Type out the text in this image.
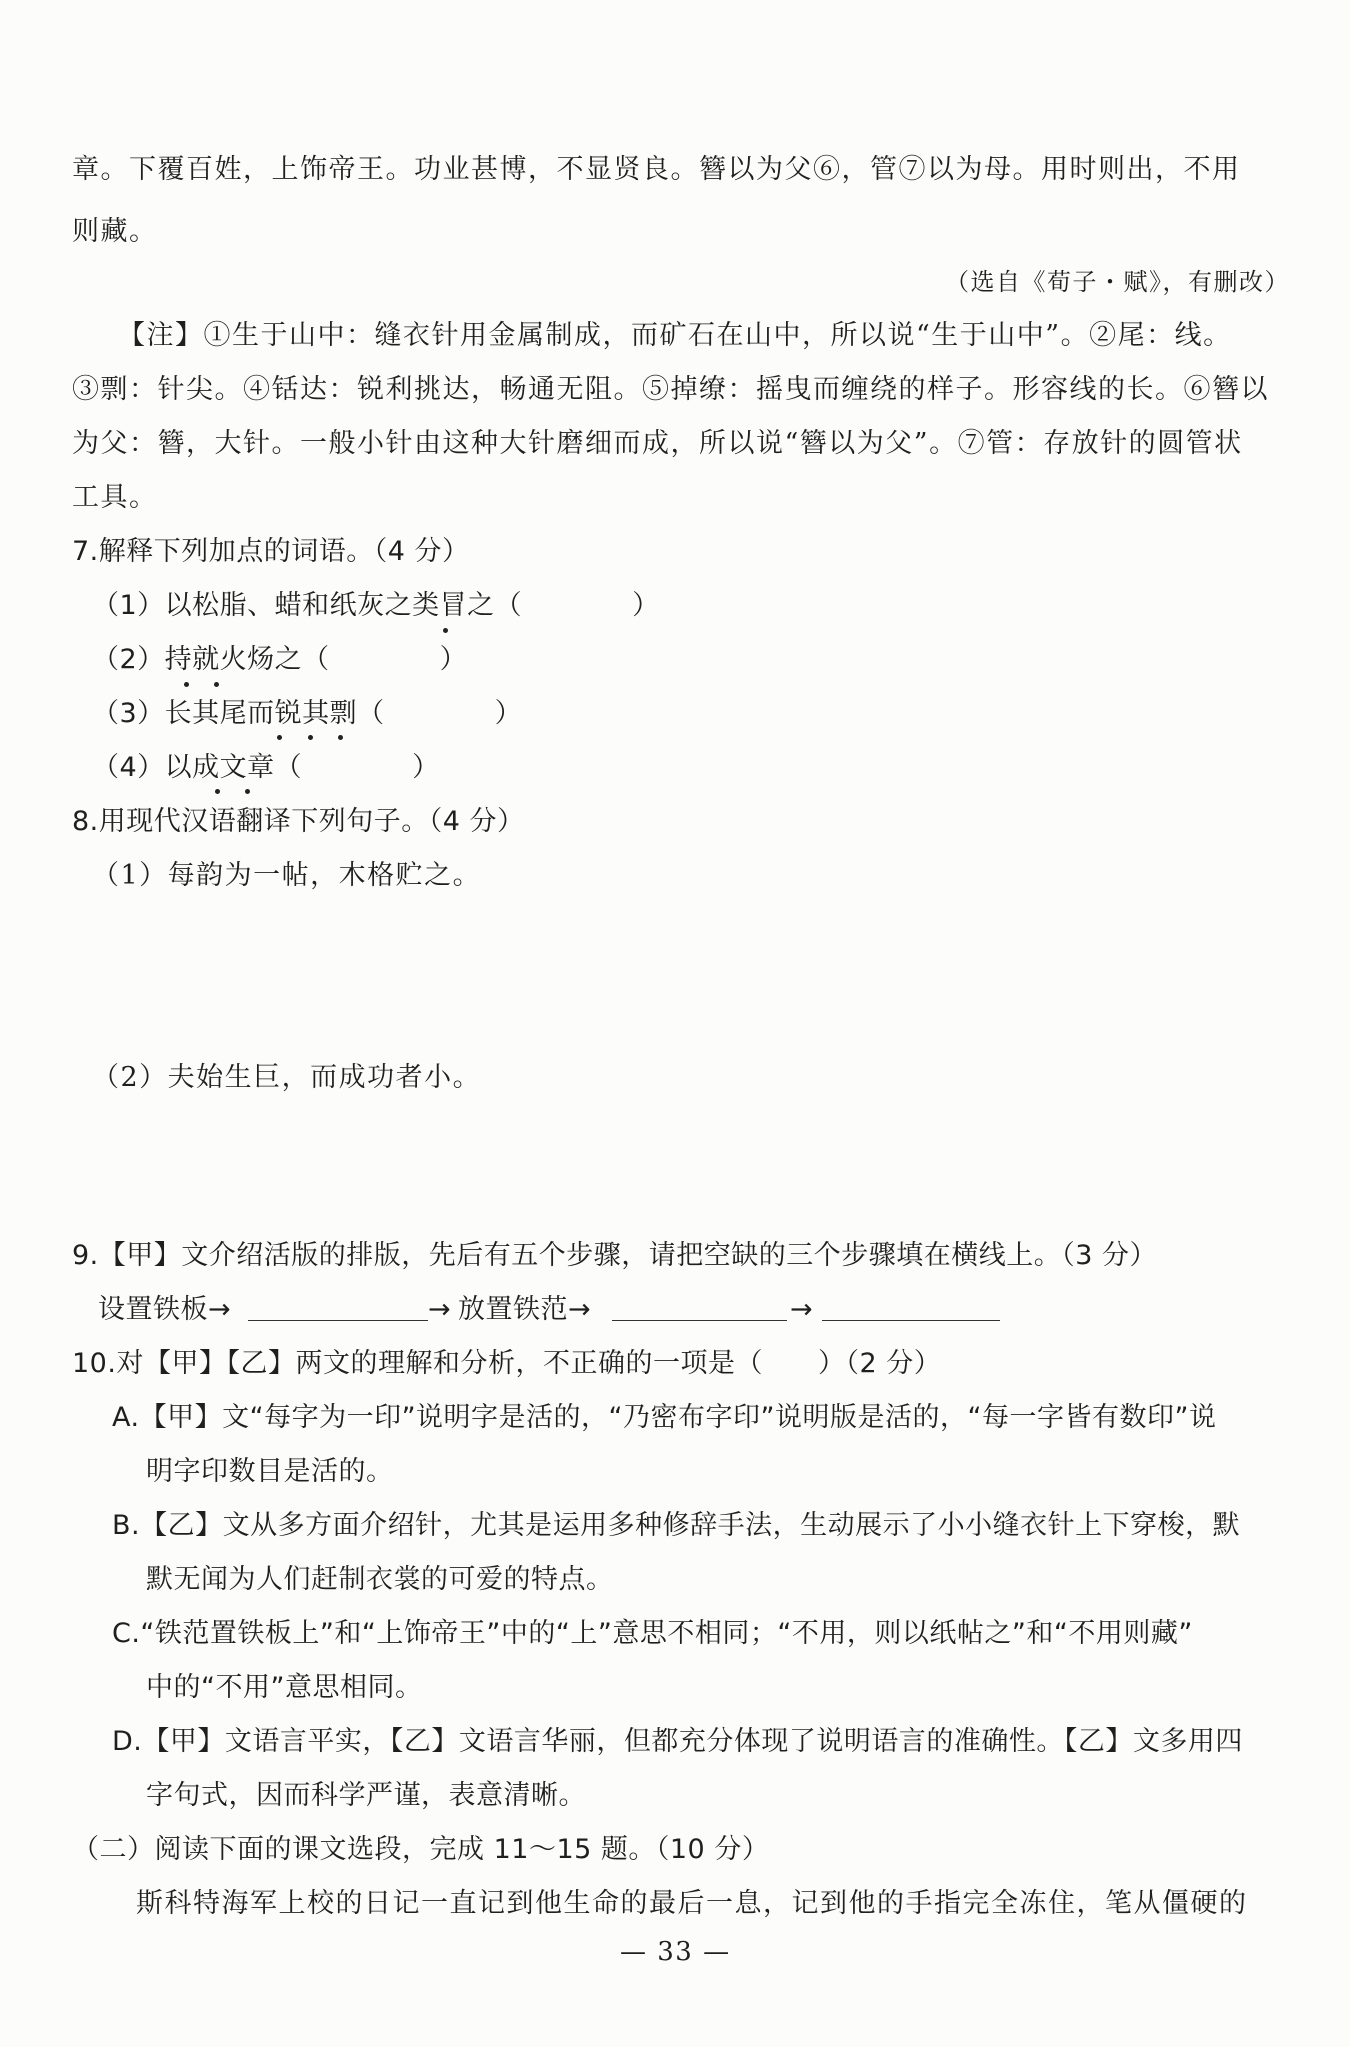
章。下覆百姓，上饰帝王。功业甚博，不显贤良。簪以为父⑥，管⑦以为母。用时则出，不用
则藏。
（选自《荀子・赋》，有删改）
【注】①生于山中：缝衣针用金属制成，而矿石在山中，所以说“生于山中”。②尾：线。
③剽：针尖。④铦达：锐利挑达，畅通无阻。⑤掉缭：摇曳而缠绕的样子。形容线的长。⑥簪以
为父：簪，大针。一般小针由这种大针磨细而成，所以说“簪以为父”。⑦管：存放针的圆管状
工具。
7.解释下列加点的词语。（4 分）
（1）以松脂、蜡和纸灰之类冒之（　　　　）
（2）持就火炀之（　　　　）
（3）长其尾而锐其剽（　　　　）
（4）以成文章（　　　　）
8.用现代汉语翻译下列句子。（4 分）
（1）每韵为一帖，木格贮之。
（2）夫始生巨，而成功者小。
9.【甲】文介绍活版的排版，先后有五个步骤，请把空缺的三个步骤填在横线上。（3 分）
设置铁板→	→ 放置铁范→	→
10.对【甲】【乙】两文的理解和分析，不正确的一项是（　　）（2 分）
A.【甲】文“每字为一印”说明字是活的，“乃密布字印”说明版是活的，“每一字皆有数印”说
明字印数目是活的。
B.【乙】文从多方面介绍针，尤其是运用多种修辞手法，生动展示了小小缝衣针上下穿梭，默
默无闻为人们赶制衣裳的可爱的特点。
C.“铁范置铁板上”和“上饰帝王”中的“上”意思不相同；“不用，则以纸帖之”和“不用则藏”
中的“不用”意思相同。
D.【甲】文语言平实，【乙】文语言华丽，但都充分体现了说明语言的准确性。【乙】文多用四
字句式，因而科学严谨，表意清晰。
（二）阅读下面的课文选段，完成 11～15 题。（10 分）
斯科特海军上校的日记一直记到他生命的最后一息，记到他的手指完全冻住，笔从僵硬的
— 33 —
